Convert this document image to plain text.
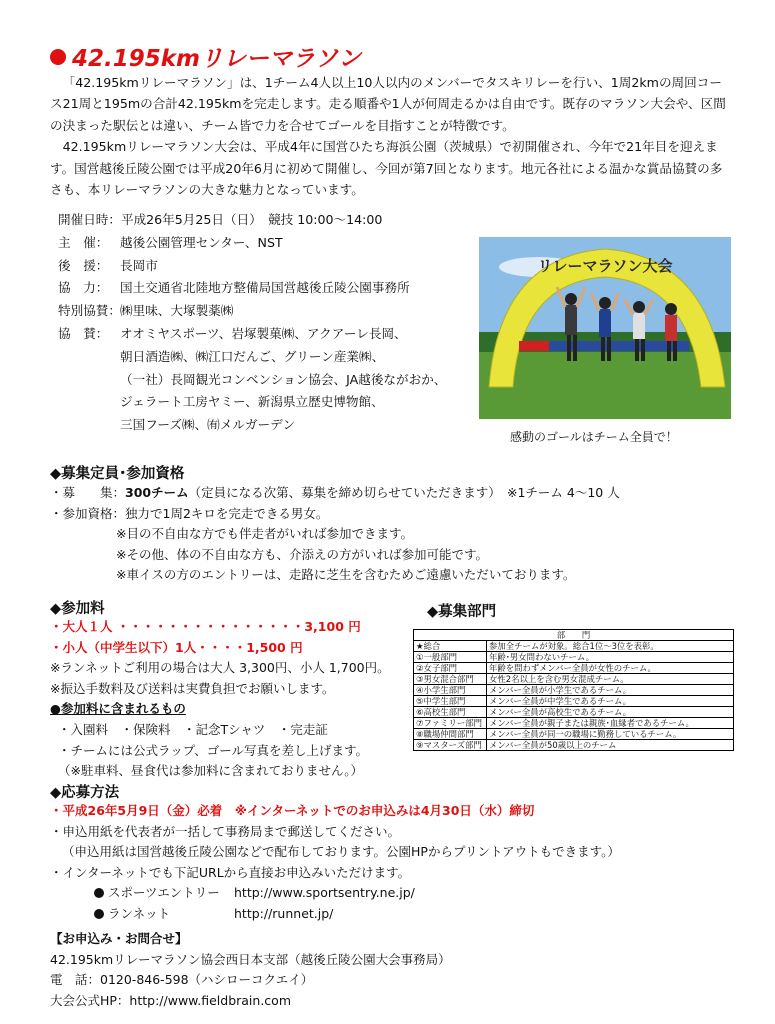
42.195kmリレーマラソン

「42.195kmリレーマラソン」は、1チーム4人以上10人以内のメンバーでタスキリレーを行い、1周2kmの周回コース21周と195mの合計42.195kmを完走します。走る順番や1人が何周走るかは自由です。既存のマラソン大会や、区間の決まった駅伝とは違い、チーム皆で力を合せてゴールを目指すことが特徴です。

42.195kmリレーマラソン大会は、平成4年に国営ひたち海浜公園（茨城県）で初開催され、今年で21年目を迎えます。国営越後丘陵公園では平成20年6月に初めて開催し、今回が第7回となります。地元各社による温かな賞品協賛の多さも、本リレーマラソンの大きな魅力となっています。

開催日時： 平成26年5月25日（日）　競技 10:00～14:00
主　催： 越後公園管理センター、NST
後　援： 長岡市
協　力： 国土交通省北陸地方整備局国営越後丘陵公園事務所
特別協賛： ㈱里味、大塚製薬㈱
協　賛： オオミヤスポーツ、岩塚製菓㈱、アクアーレ長岡、
朝日酒造㈱、㈱江口だんご、グリーン産業㈱、
（一社）長岡観光コンベンション協会、JA越後ながおか、
ジェラート工房ヤミー、新潟県立歴史博物館、
三国フーズ㈱、㈲メルガーデン
リレーマラソン大会
感動のゴールはチーム全員で！
◆募集定員･参加資格
・募　　集：300チーム（定員になる次第、募集を締め切らせていただきます）　※1チーム 4～10 人
・参加資格：独力で1周2キロを完走できる男女。
※目の不自由な方でも伴走者がいれば参加できます。
※その他、体の不自由な方も、介添えの方がいれば参加可能です。
※車イスの方のエントリーは、走路に芝生を含むためご遠慮いただいております。
◆参加料
・大人１人 ・・・・・・・・・・・・・・・3,100 円
・小人（中学生以下）1人・・・・1,500 円
※ランネットご利用の場合は大人 3,300円、小人 1,700円。
※振込手数料及び送料は実費負担でお願いします。
●参加料に含まれるもの
・入園料　・保険料　・記念Tシャツ　・完走証
・チームには公式ラップ、ゴール写真を差し上げます。
（※駐車料、昼食代は参加料に含まれておりません。）
◆募集部門
部　　門	
★総合	参加全チームが対象。総合1位～3位を表彰。
①一般部門	年齢･男女問わないチーム。
②女子部門	年齢を問わずメンバー全員が女性のチーム。
③男女混合部門	女性2名以上を含む男女混成チーム。
④小学生部門	メンバー全員が小学生であるチーム。
⑤中学生部門	メンバー全員が中学生であるチーム。
⑥高校生部門	メンバー全員が高校生であるチーム。
⑦ファミリー部門	メンバー全員が親子または親族･血縁者であるチーム。
⑧職場仲間部門	メンバー全員が同一の職場に勤務しているチーム。
⑨マスターズ部門	メンバー全員が50歳以上のチーム
◆応募方法
・平成26年5月9日（金）必着　※インターネットでのお申込みは4月30日（水）締切
・申込用紙を代表者が一括して事務局まで郵送してください。
（申込用紙は国営越後丘陵公園などで配布しております。公園HPからプリントアウトもできます。）
・インターネットでも下記URLから直接お申込みいただけます。
スポーツエントリー http://www.sportsentry.ne.jp/
ランネット	http://runnet.jp/
【お申込み・お問合せ】
42.195kmリレーマラソン協会西日本支部（越後丘陵公園大会事務局）
電　話：0120-846-598（ハシローコクエイ）
大会公式HP：http://www.fieldbrain.com
